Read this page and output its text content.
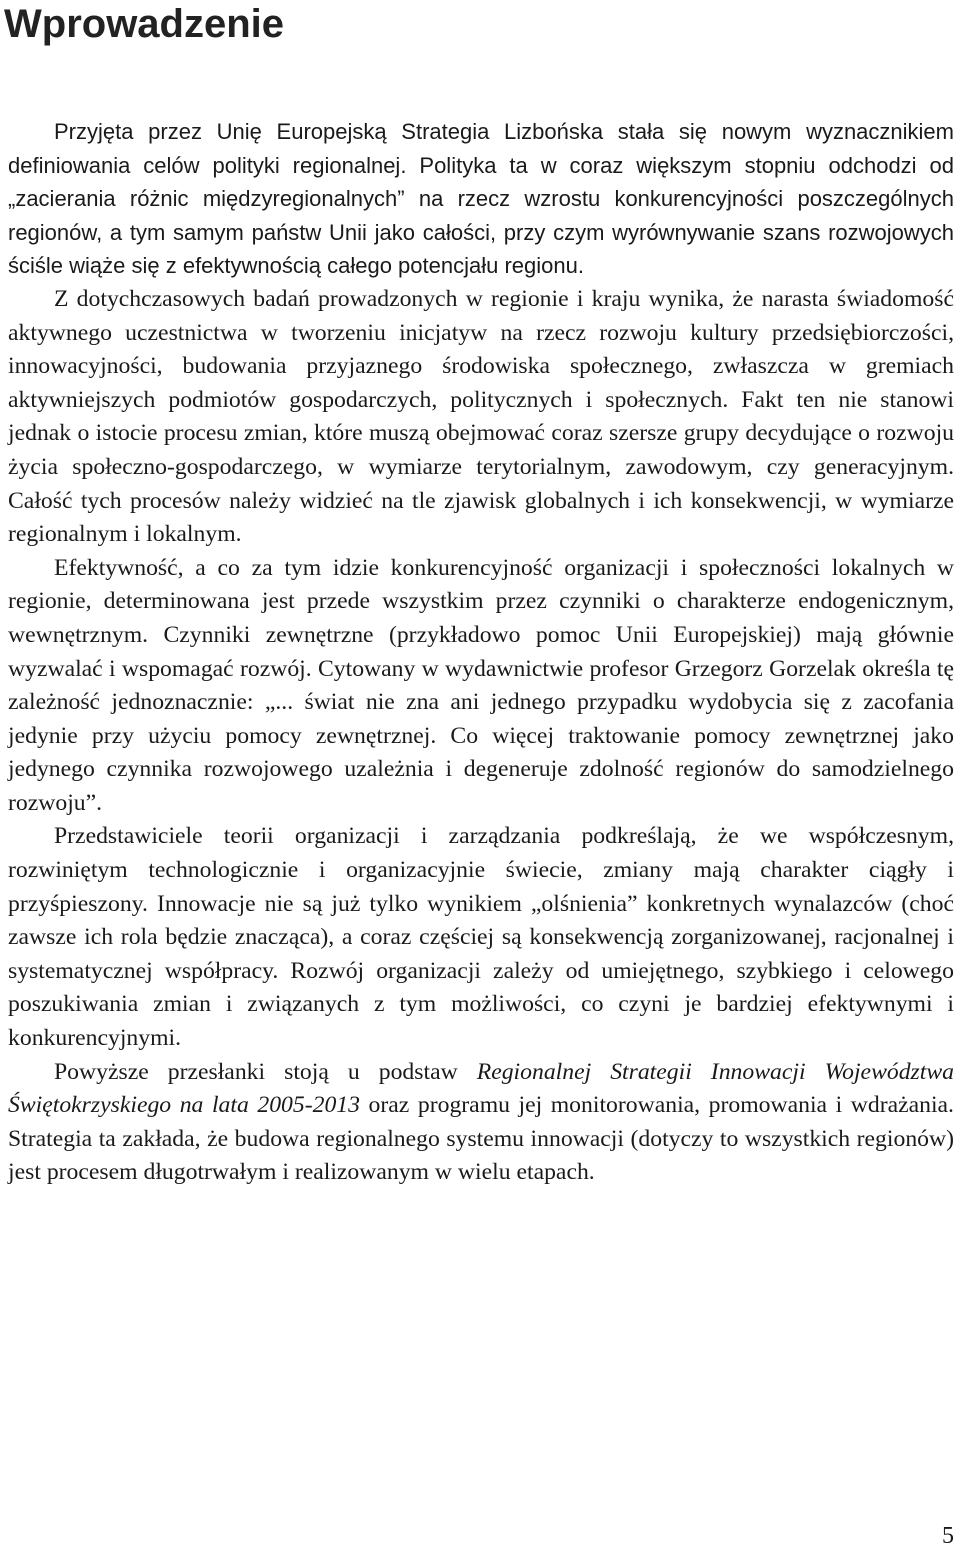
Wprowadzenie

Przyjęta przez Unię Europejską Strategia Lizbońska stała się nowym wyznacznikiem definiowania celów polityki regionalnej. Polityka ta w coraz większym stopniu odchodzi od „zacierania różnic międzyregionalnych” na rzecz wzrostu konkurencyjności poszczególnych regionów, a tym samym państw Unii jako całości, przy czym wyrównywanie szans rozwojowych ściśle wiąże się z efektywnością całego potencjału regionu.

Z dotychczasowych badań prowadzonych w regionie i kraju wynika, że narasta świadomość aktywnego uczestnictwa w tworzeniu inicjatyw na rzecz rozwoju kultury przedsiębiorczości, innowacyjności, budowania przyjaznego środowiska społecznego, zwłaszcza w gremiach aktywniejszych podmiotów gospodarczych, politycznych i społecznych. Fakt ten nie stanowi jednak o istocie procesu zmian, które muszą obejmować coraz szersze grupy decydujące o rozwoju życia społeczno-gospodarczego, w wymiarze terytorialnym, zawodowym, czy generacyjnym. Całość tych procesów należy widzieć na tle zjawisk globalnych i ich konsekwencji, w wymiarze regionalnym i lokalnym.

Efektywność, a co za tym idzie konkurencyjność organizacji i społeczności lokalnych w regionie, determinowana jest przede wszystkim przez czynniki o charakterze endogenicznym, wewnętrznym. Czynniki zewnętrzne (przykładowo pomoc Unii Europejskiej) mają głównie wyzwalać i wspomagać rozwój. Cytowany w wydawnictwie profesor Grzegorz Gorzelak określa tę zależność jednoznacznie: „... świat nie zna ani jednego przypadku wydobycia się z zacofania jedynie przy użyciu pomocy zewnętrznej. Co więcej traktowanie pomocy zewnętrznej jako jedynego czynnika rozwojowego uzależnia i degeneruje zdolność regionów do samodzielnego rozwoju”.

Przedstawiciele teorii organizacji i zarządzania podkreślają, że we współczesnym, rozwiniętym technologicznie i organizacyjnie świecie, zmiany mają charakter ciągły i przyśpieszony. Innowacje nie są już tylko wynikiem „olśnienia” konkretnych wynalazców (choć zawsze ich rola będzie znacząca), a coraz częściej są konsekwencją zorganizowanej, racjonalnej i systematycznej współpracy. Rozwój organizacji zależy od umiejętnego, szybkiego i celowego poszukiwania zmian i związanych z tym możliwości, co czyni je bardziej efektywnymi i konkurencyjnymi.

Powyższe przesłanki stoją u podstaw Regionalnej Strategii Innowacji Województwa Świętokrzyskiego na lata 2005-2013 oraz programu jej monitorowania, promowania i wdrażania. Strategia ta zakłada, że budowa regionalnego systemu innowacji (dotyczy to wszystkich regionów) jest procesem długotrwałym i realizowanym w wielu etapach.

5
